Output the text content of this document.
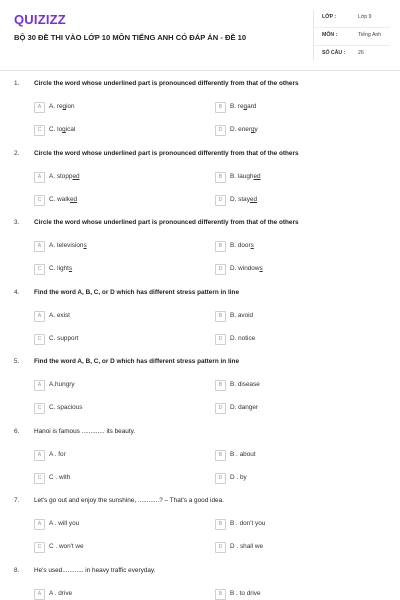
QUIZIZZ
BỘ 30 ĐỀ THI VÀO LỚP 10 MÔN TIẾNG ANH CÓ ĐÁP ÁN - ĐỀ 10
LỚP :	Lớp 9
MÔN :	Tiếng Anh
SỐ CÂU : 26
1. Circle the word whose underlined part is pronounced differently from that of the others
A	A. region	B	B. regard
C	C. logical	D	D. energy
2. Circle the word whose underlined part is pronounced differently from that of the others
A	A. stopped	B	B. laughed
C	C. walked	D	D. stayed
3. Circle the word whose underlined part is pronounced differently from that of the others
A	A. televisions	B	B. doors
C	C. lights	D	D. windows
4. Find the word A, B, C, or D which has different stress pattern in line
A	A. exist	B	B. avoid
C	C. support	D	D. notice
5. Find the word A, B, C, or D which has different stress pattern in line
A	A.hungry	B	B. disease
C	C. spacious	D	D. danger
6. Hanoi is famous ............. its beauty.
A	A . for	B	B . about
C	C . with	D	D . by
7. Let's go out and enjoy the sunshine, ............? – That's a good idea.
A	A . will you	B	B . don't you
C	C . won't we	D	D . shall we
8. He's used............ in heavy traffic everyday.
A	A . drive	B	B . to drive
